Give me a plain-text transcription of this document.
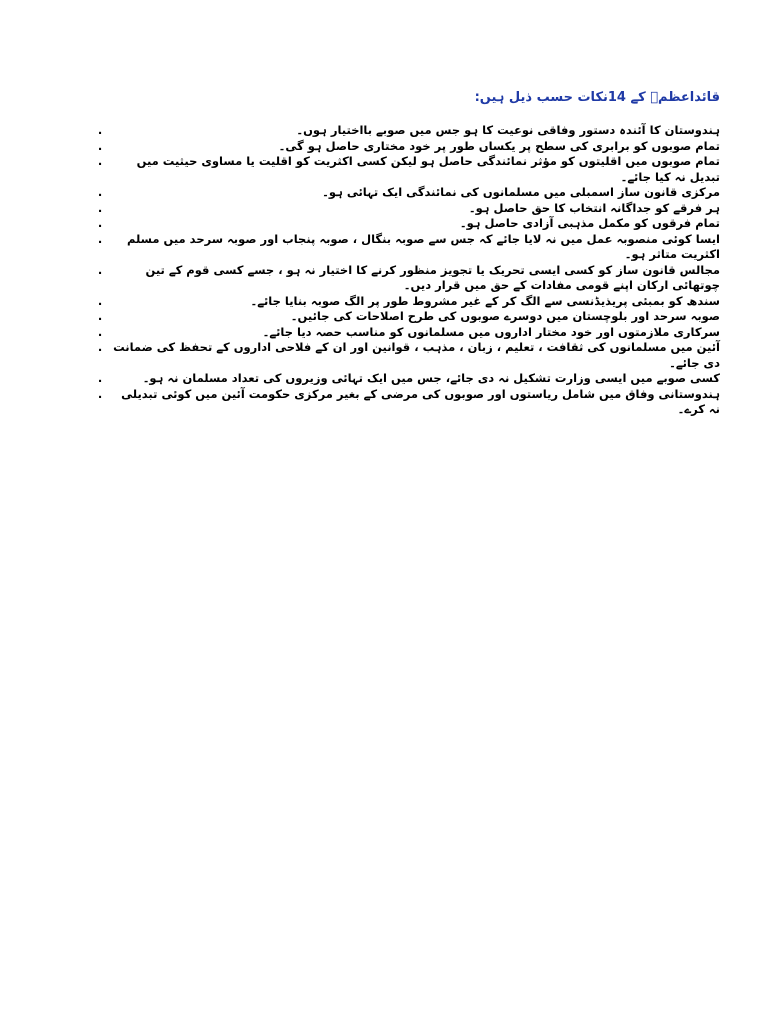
قائداعظمؒ کے 14نکات حسب ذیل ہیں:
ہندوستان کا آئندہ دستور وفاقی نوعیت کا ہو جس میں صوبے بااختیار ہوں۔
.
تمام صوبوں کو برابری کی سطح پر یکساں طور پر خود مختاری حاصل ہو گی۔
.
تمام صوبوں میں اقلیتوں کو مؤثر نمائندگی حاصل ہو لیکن کسی اکثریت کو اقلیت یا مساوی حیثیت میں تبدیل نہ کیا جائے۔
.
مرکزی قانون ساز اسمبلی میں مسلمانوں کی نمائندگی ایک تہائی ہو۔
.
ہر فرقے کو جداگانہ انتخاب کا حق حاصل ہو۔
.
تمام فرقوں کو مکمل مذہبی آزادی حاصل ہو۔
.
ایسا کوئی منصوبہ عمل میں نہ لایا جائے کہ جس سے صوبہ بنگال ، صوبہ پنجاب اور صوبہ سرحد میں مسلم اکثریت متاثر ہو۔
.
مجالس قانون ساز کو کسی ایسی تحریک یا تجویز منظور کرنے کا اختیار نہ ہو ، جسے کسی قوم کے تین چوتھائی ارکان اپنے قومی مفادات کے حق میں قرار دیں۔
.
سندھ کو بمبئی پریذیڈنسی سے الگ کر کے غیر مشروط طور پر الگ صوبہ بنایا جائے۔
.
صوبہ سرحد اور بلوچستان میں دوسرے صوبوں کی طرح اصلاحات کی جائیں۔
.
سرکاری ملازمتوں اور خود مختار اداروں میں مسلمانوں کو مناسب حصہ دیا جائے۔
.
آئین میں مسلمانوں کی ثقافت ، تعلیم ، زبان ، مذہب ، قوانین اور ان کے فلاحی اداروں کے تحفظ کی ضمانت دی جائے۔
.
کسی صوبے میں ایسی وزارت تشکیل نہ دی جائے، جس میں ایک تہائی وزیروں کی تعداد مسلمان نہ ہو۔
.
ہندوستانی وفاق میں شامل ریاستوں اور صوبوں کی مرضی کے بغیر مرکزی حکومت آئین میں کوئی تبدیلی نہ کرے۔
.
